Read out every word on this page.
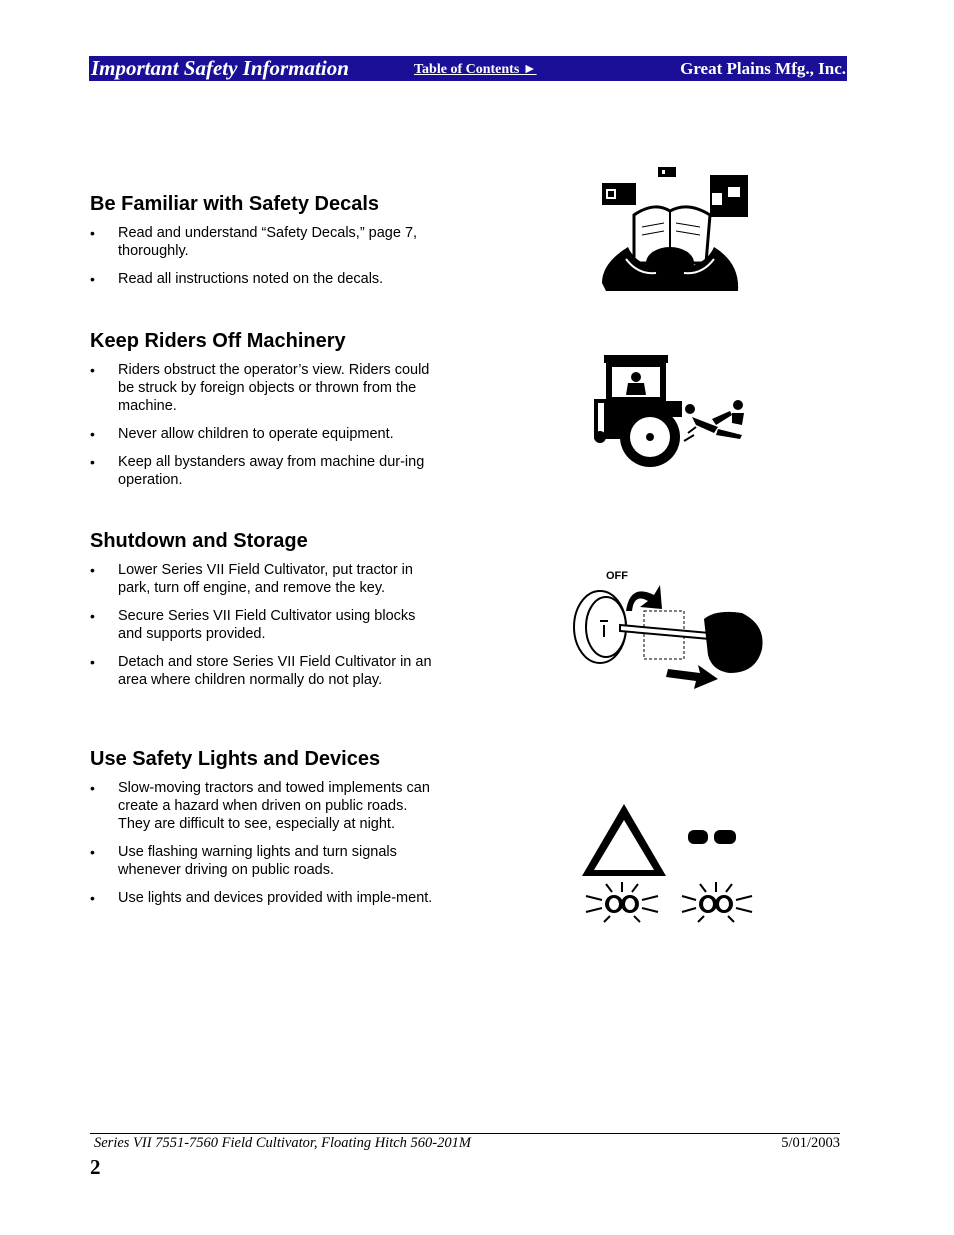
Important Safety Information	Table of Contents ►	Great Plains Mfg., Inc.
Be Familiar with Safety Decals
• Read and understand “Safety Decals,” page 7, thoroughly.
• Read all instructions noted on the decals.
Keep Riders Off Machinery
• Riders obstruct the operator’s view. Riders could be struck by foreign objects or thrown from the machine.
• Never allow children to operate equipment.
• Keep all bystanders away from machine dur-ing operation.
Shutdown and Storage
• Lower Series VII Field Cultivator, put tractor in park, turn off engine, and remove the key.
• Secure Series VII Field Cultivator using blocks and supports provided.
• Detach and store Series VII Field Cultivator in an area where children normally do not play.
Use Safety Lights and Devices
• Slow-moving tractors and towed implements can create a hazard when driven on public roads. They are difficult to see, especially at night.
• Use flashing warning lights and turn signals whenever driving on public roads.
• Use lights and devices provided with imple-ment.
OFF
Series VII 7551-7560 Field Cultivator, Floating Hitch 560-201M	5/01/2003
2
